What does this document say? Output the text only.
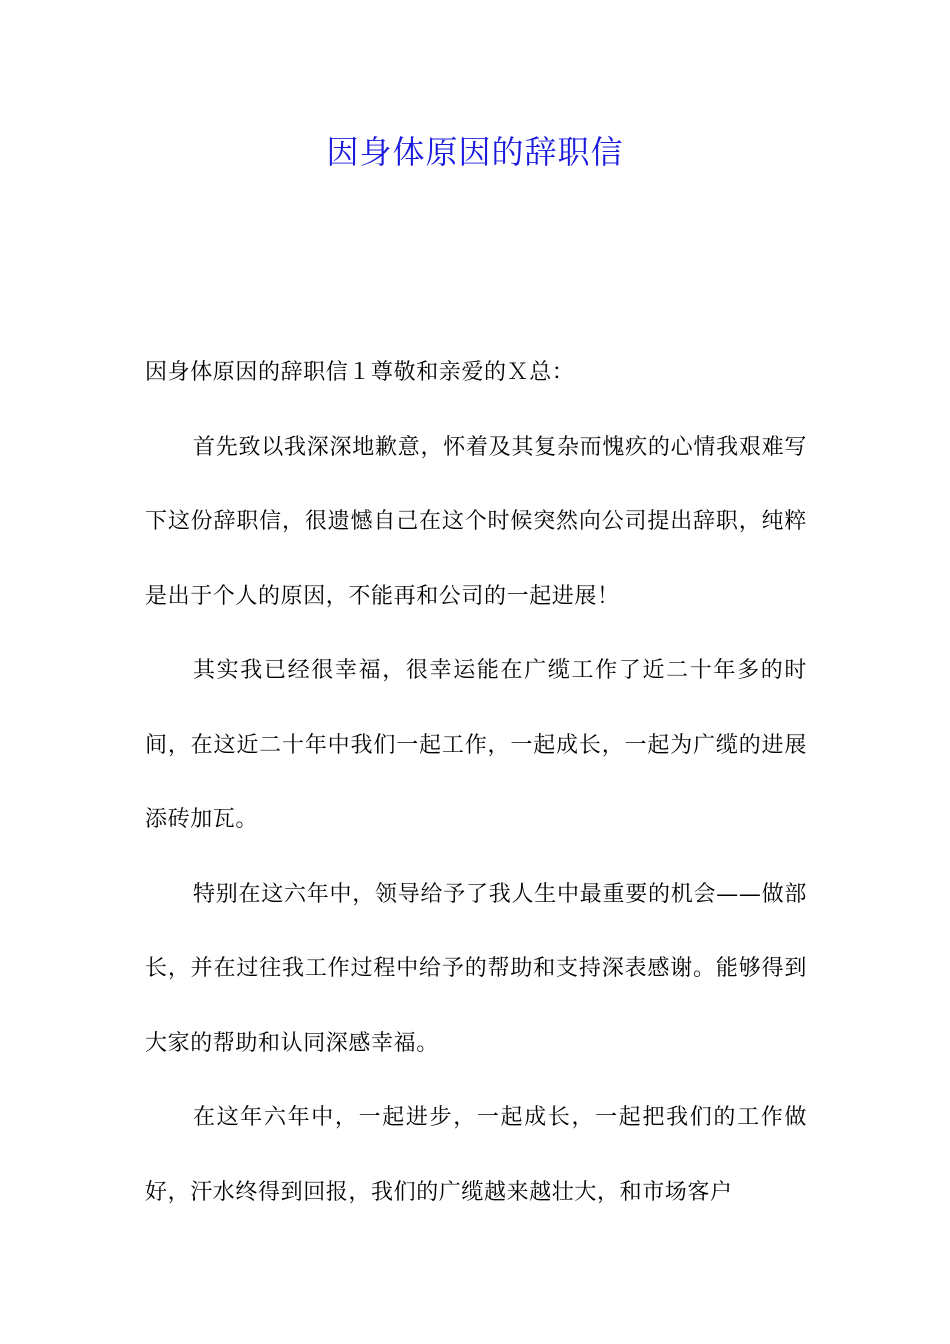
因身体原因的辞职信

因身体原因的辞职信１尊敬和亲爱的Ｘ总：

首先致以我深深地歉意，怀着及其复杂而愧疚的心情我艰难写下这份辞职信，很遗憾自己在这个时候突然向公司提出辞职，纯粹是出于个人的原因，不能再和公司的一起进展！

其实我已经很幸福，很幸运能在广缆工作了近二十年多的时间，在这近二十年中我们一起工作，一起成长，一起为广缆的进展添砖加瓦。

特别在这六年中，领导给予了我人生中最重要的机会——做部长，并在过往我工作过程中给予的帮助和支持深表感谢。能够得到大家的帮助和认同深感幸福。

在这年六年中，一起进步，一起成长，一起把我们的工作做好，汗水终得到回报，我们的广缆越来越壮大，和市场客户
